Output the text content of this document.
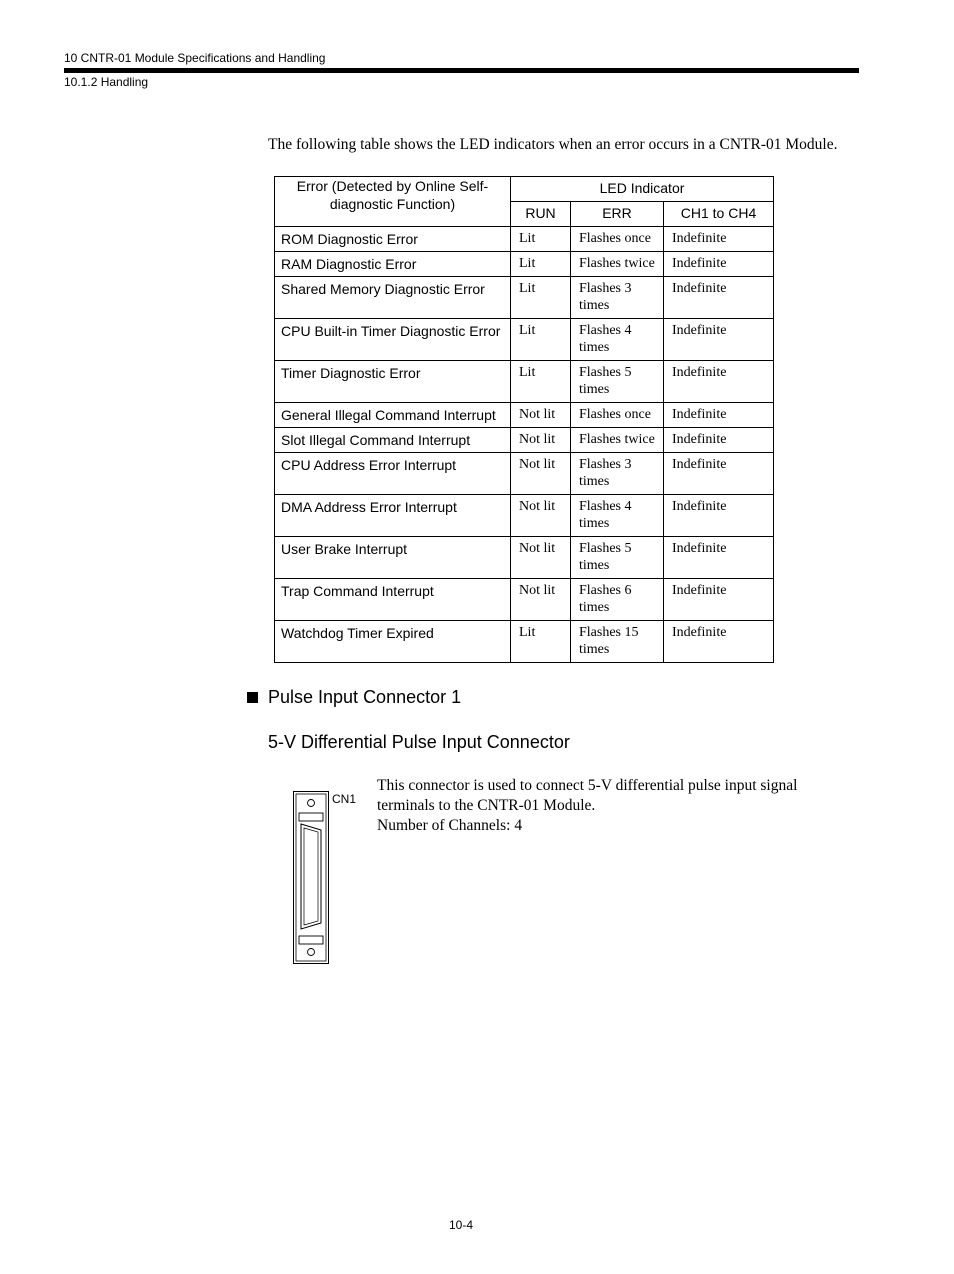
10 CNTR-01 Module Specifications and Handling
10.1.2 Handling
The following table shows the LED indicators when an error occurs in a CNTR-01 Module.
Error (Detected by Online Self-diagnostic Function)	LED Indicator		
	RUN	ERR	CH1 to CH4
ROM Diagnostic Error	Lit	Flashes once	Indefinite
RAM Diagnostic Error	Lit	Flashes twice	Indefinite
Shared Memory Diagnostic Error	Lit	Flashes 3 times	Indefinite
CPU Built-in Timer Diagnostic Error	Lit	Flashes 4 times	Indefinite
Timer Diagnostic Error	Lit	Flashes 5 times	Indefinite
General Illegal Command Interrupt	Not lit	Flashes once	Indefinite
Slot Illegal Command Interrupt	Not lit	Flashes twice	Indefinite
CPU Address Error Interrupt	Not lit	Flashes 3 times	Indefinite
DMA Address Error Interrupt	Not lit	Flashes 4 times	Indefinite
User Brake Interrupt	Not lit	Flashes 5 times	Indefinite
Trap Command Interrupt	Not lit	Flashes 6 times	Indefinite
Watchdog Timer Expired	Lit	Flashes 15 times	Indefinite
Pulse Input Connector 1
5-V Differential Pulse Input Connector
CN1

This connector is used to connect 5-V differential pulse input signal

terminals to the CNTR-01 Module.

Number of Channels: 4

10-4
